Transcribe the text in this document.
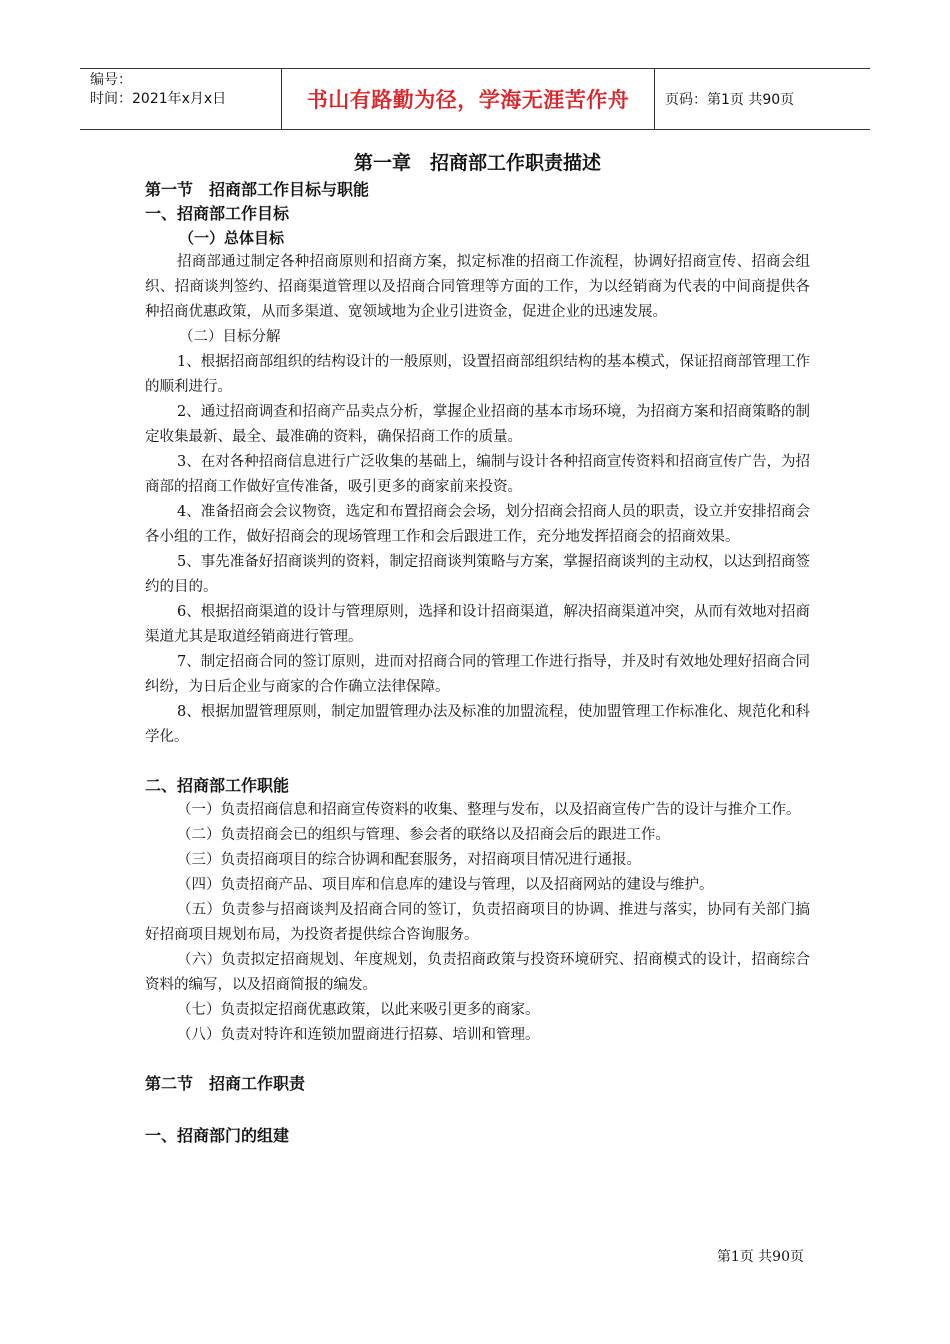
编号：
时间：2021年x月x日	书山有路勤为径，学海无涯苦作舟	页码：第1页 共90页
第一章　招商部工作职责描述
第一节　招商部工作目标与职能
一、招商部工作目标
（一）总体目标

招商部通过制定各种招商原则和招商方案，拟定标准的招商工作流程，协调好招商宣传、招商会组织、招商谈判签约、招商渠道管理以及招商合同管理等方面的工作，为以经销商为代表的中间商提供各种招商优惠政策，从而多渠道、宽领域地为企业引进资金，促进企业的迅速发展。

（二）目标分解

1、根据招商部组织的结构设计的一般原则，设置招商部组织结构的基本模式，保证招商部管理工作的顺利进行。

2、通过招商调查和招商产品卖点分析，掌握企业招商的基本市场环境，为招商方案和招商策略的制定收集最新、最全、最准确的资料，确保招商工作的质量。

3、在对各种招商信息进行广泛收集的基础上，编制与设计各种招商宣传资料和招商宣传广告，为招商部的招商工作做好宣传准备，吸引更多的商家前来投资。

4、准备招商会会议物资，选定和布置招商会会场，划分招商会招商人员的职责，设立并安排招商会各小组的工作，做好招商会的现场管理工作和会后跟进工作，充分地发挥招商会的招商效果。

5、事先准备好招商谈判的资料，制定招商谈判策略与方案，掌握招商谈判的主动权，以达到招商签约的目的。

6、根据招商渠道的设计与管理原则，选择和设计招商渠道，解决招商渠道冲突，从而有效地对招商渠道尤其是取道经销商进行管理。

7、制定招商合同的签订原则，进而对招商合同的管理工作进行指导，并及时有效地处理好招商合同纠纷，为日后企业与商家的合作确立法律保障。

8、根据加盟管理原则，制定加盟管理办法及标准的加盟流程，使加盟管理工作标准化、规范化和科学化。

二、招商部工作职能

（一）负责招商信息和招商宣传资料的收集、整理与发布，以及招商宣传广告的设计与推介工作。

（二）负责招商会已的组织与管理、参会者的联络以及招商会后的跟进工作。

（三）负责招商项目的综合协调和配套服务，对招商项目情况进行通报。

（四）负责招商产品、项目库和信息库的建设与管理，以及招商网站的建设与维护。

（五）负责参与招商谈判及招商合同的签订，负责招商项目的协调、推进与落实，协同有关部门搞好招商项目规划布局，为投资者提供综合咨询服务。

（六）负责拟定招商规划、年度规划，负责招商政策与投资环境研究、招商模式的设计，招商综合资料的编写，以及招商简报的编发。

（七）负责拟定招商优惠政策，以此来吸引更多的商家。

（八）负责对特许和连锁加盟商进行招募、培训和管理。

第二节　招商工作职责
一、招商部门的组建
第1页 共90页
